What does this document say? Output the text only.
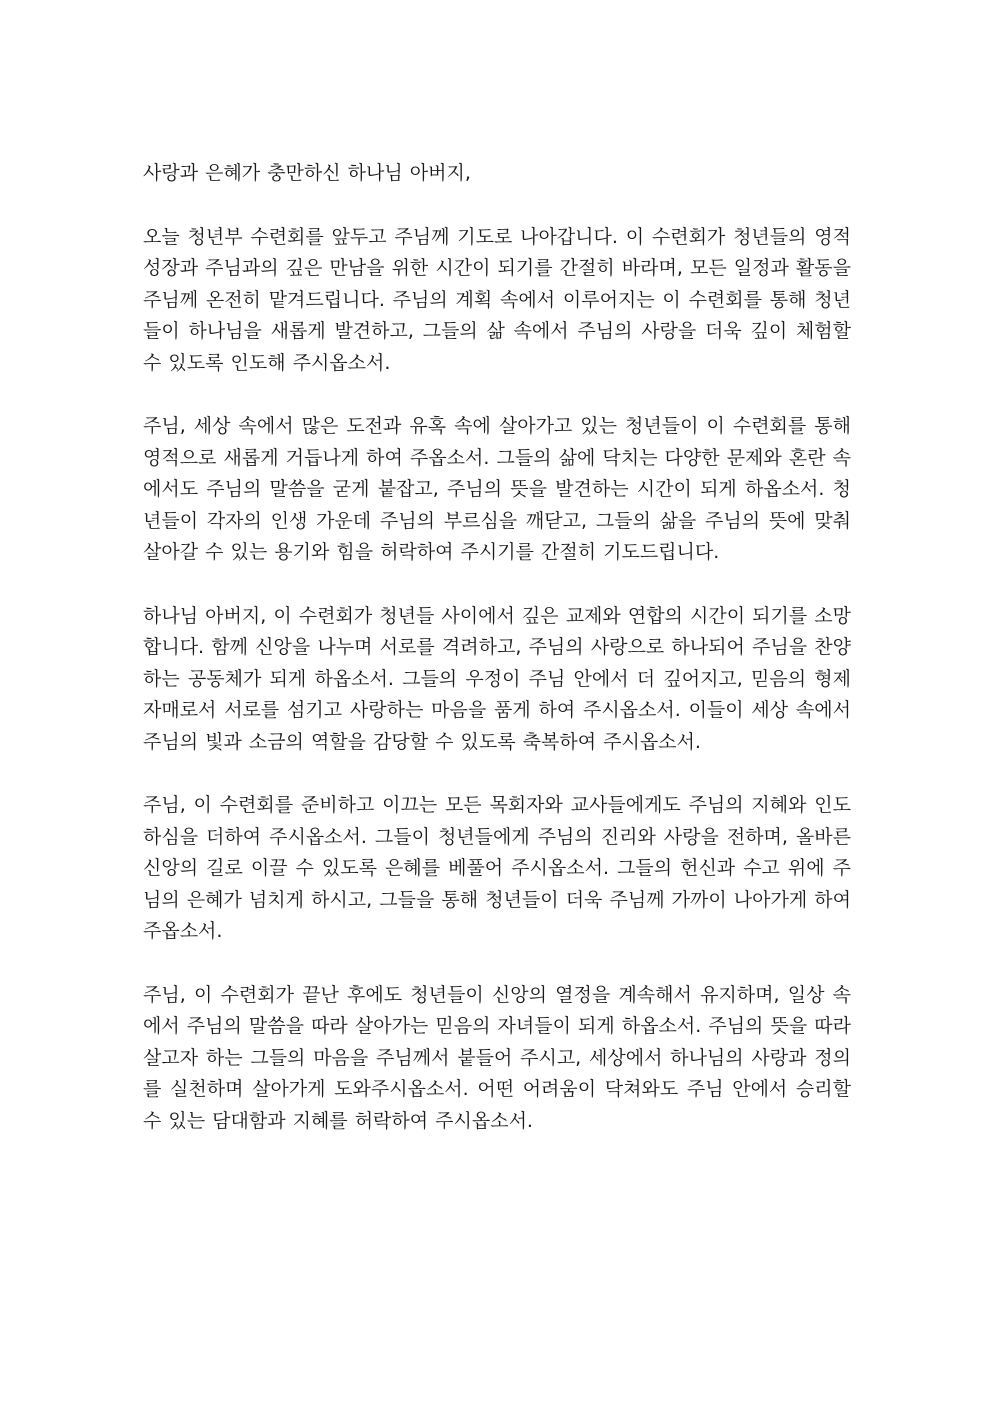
사랑과 은혜가 충만하신 하나님 아버지,

오늘 청년부 수련회를 앞두고 주님께 기도로 나아갑니다. 이 수련회가 청년들의 영적 성장과 주님과의 깊은 만남을 위한 시간이 되기를 간절히 바라며, 모든 일정과 활동을 주님께 온전히 맡겨드립니다. 주님의 계획 속에서 이루어지는 이 수련회를 통해 청년들이 하나님을 새롭게 발견하고, 그들의 삶 속에서 주님의 사랑을 더욱 깊이 체험할 수 있도록 인도해 주시옵소서.

주님, 세상 속에서 많은 도전과 유혹 속에 살아가고 있는 청년들이 이 수련회를 통해 영적으로 새롭게 거듭나게 하여 주옵소서. 그들의 삶에 닥치는 다양한 문제와 혼란 속에서도 주님의 말씀을 굳게 붙잡고, 주님의 뜻을 발견하는 시간이 되게 하옵소서. 청년들이 각자의 인생 가운데 주님의 부르심을 깨닫고, 그들의 삶을 주님의 뜻에 맞춰 살아갈 수 있는 용기와 힘을 허락하여 주시기를 간절히 기도드립니다.

하나님 아버지, 이 수련회가 청년들 사이에서 깊은 교제와 연합의 시간이 되기를 소망합니다. 함께 신앙을 나누며 서로를 격려하고, 주님의 사랑으로 하나되어 주님을 찬양하는 공동체가 되게 하옵소서. 그들의 우정이 주님 안에서 더 깊어지고, 믿음의 형제자매로서 서로를 섬기고 사랑하는 마음을 품게 하여 주시옵소서. 이들이 세상 속에서 주님의 빛과 소금의 역할을 감당할 수 있도록 축복하여 주시옵소서.

주님, 이 수련회를 준비하고 이끄는 모든 목회자와 교사들에게도 주님의 지혜와 인도하심을 더하여 주시옵소서. 그들이 청년들에게 주님의 진리와 사랑을 전하며, 올바른 신앙의 길로 이끌 수 있도록 은혜를 베풀어 주시옵소서. 그들의 헌신과 수고 위에 주님의 은혜가 넘치게 하시고, 그들을 통해 청년들이 더욱 주님께 가까이 나아가게 하여 주옵소서.

주님, 이 수련회가 끝난 후에도 청년들이 신앙의 열정을 계속해서 유지하며, 일상 속에서 주님의 말씀을 따라 살아가는 믿음의 자녀들이 되게 하옵소서. 주님의 뜻을 따라 살고자 하는 그들의 마음을 주님께서 붙들어 주시고, 세상에서 하나님의 사랑과 정의를 실천하며 살아가게 도와주시옵소서. 어떤 어려움이 닥쳐와도 주님 안에서 승리할 수 있는 담대함과 지혜를 허락하여 주시옵소서.
